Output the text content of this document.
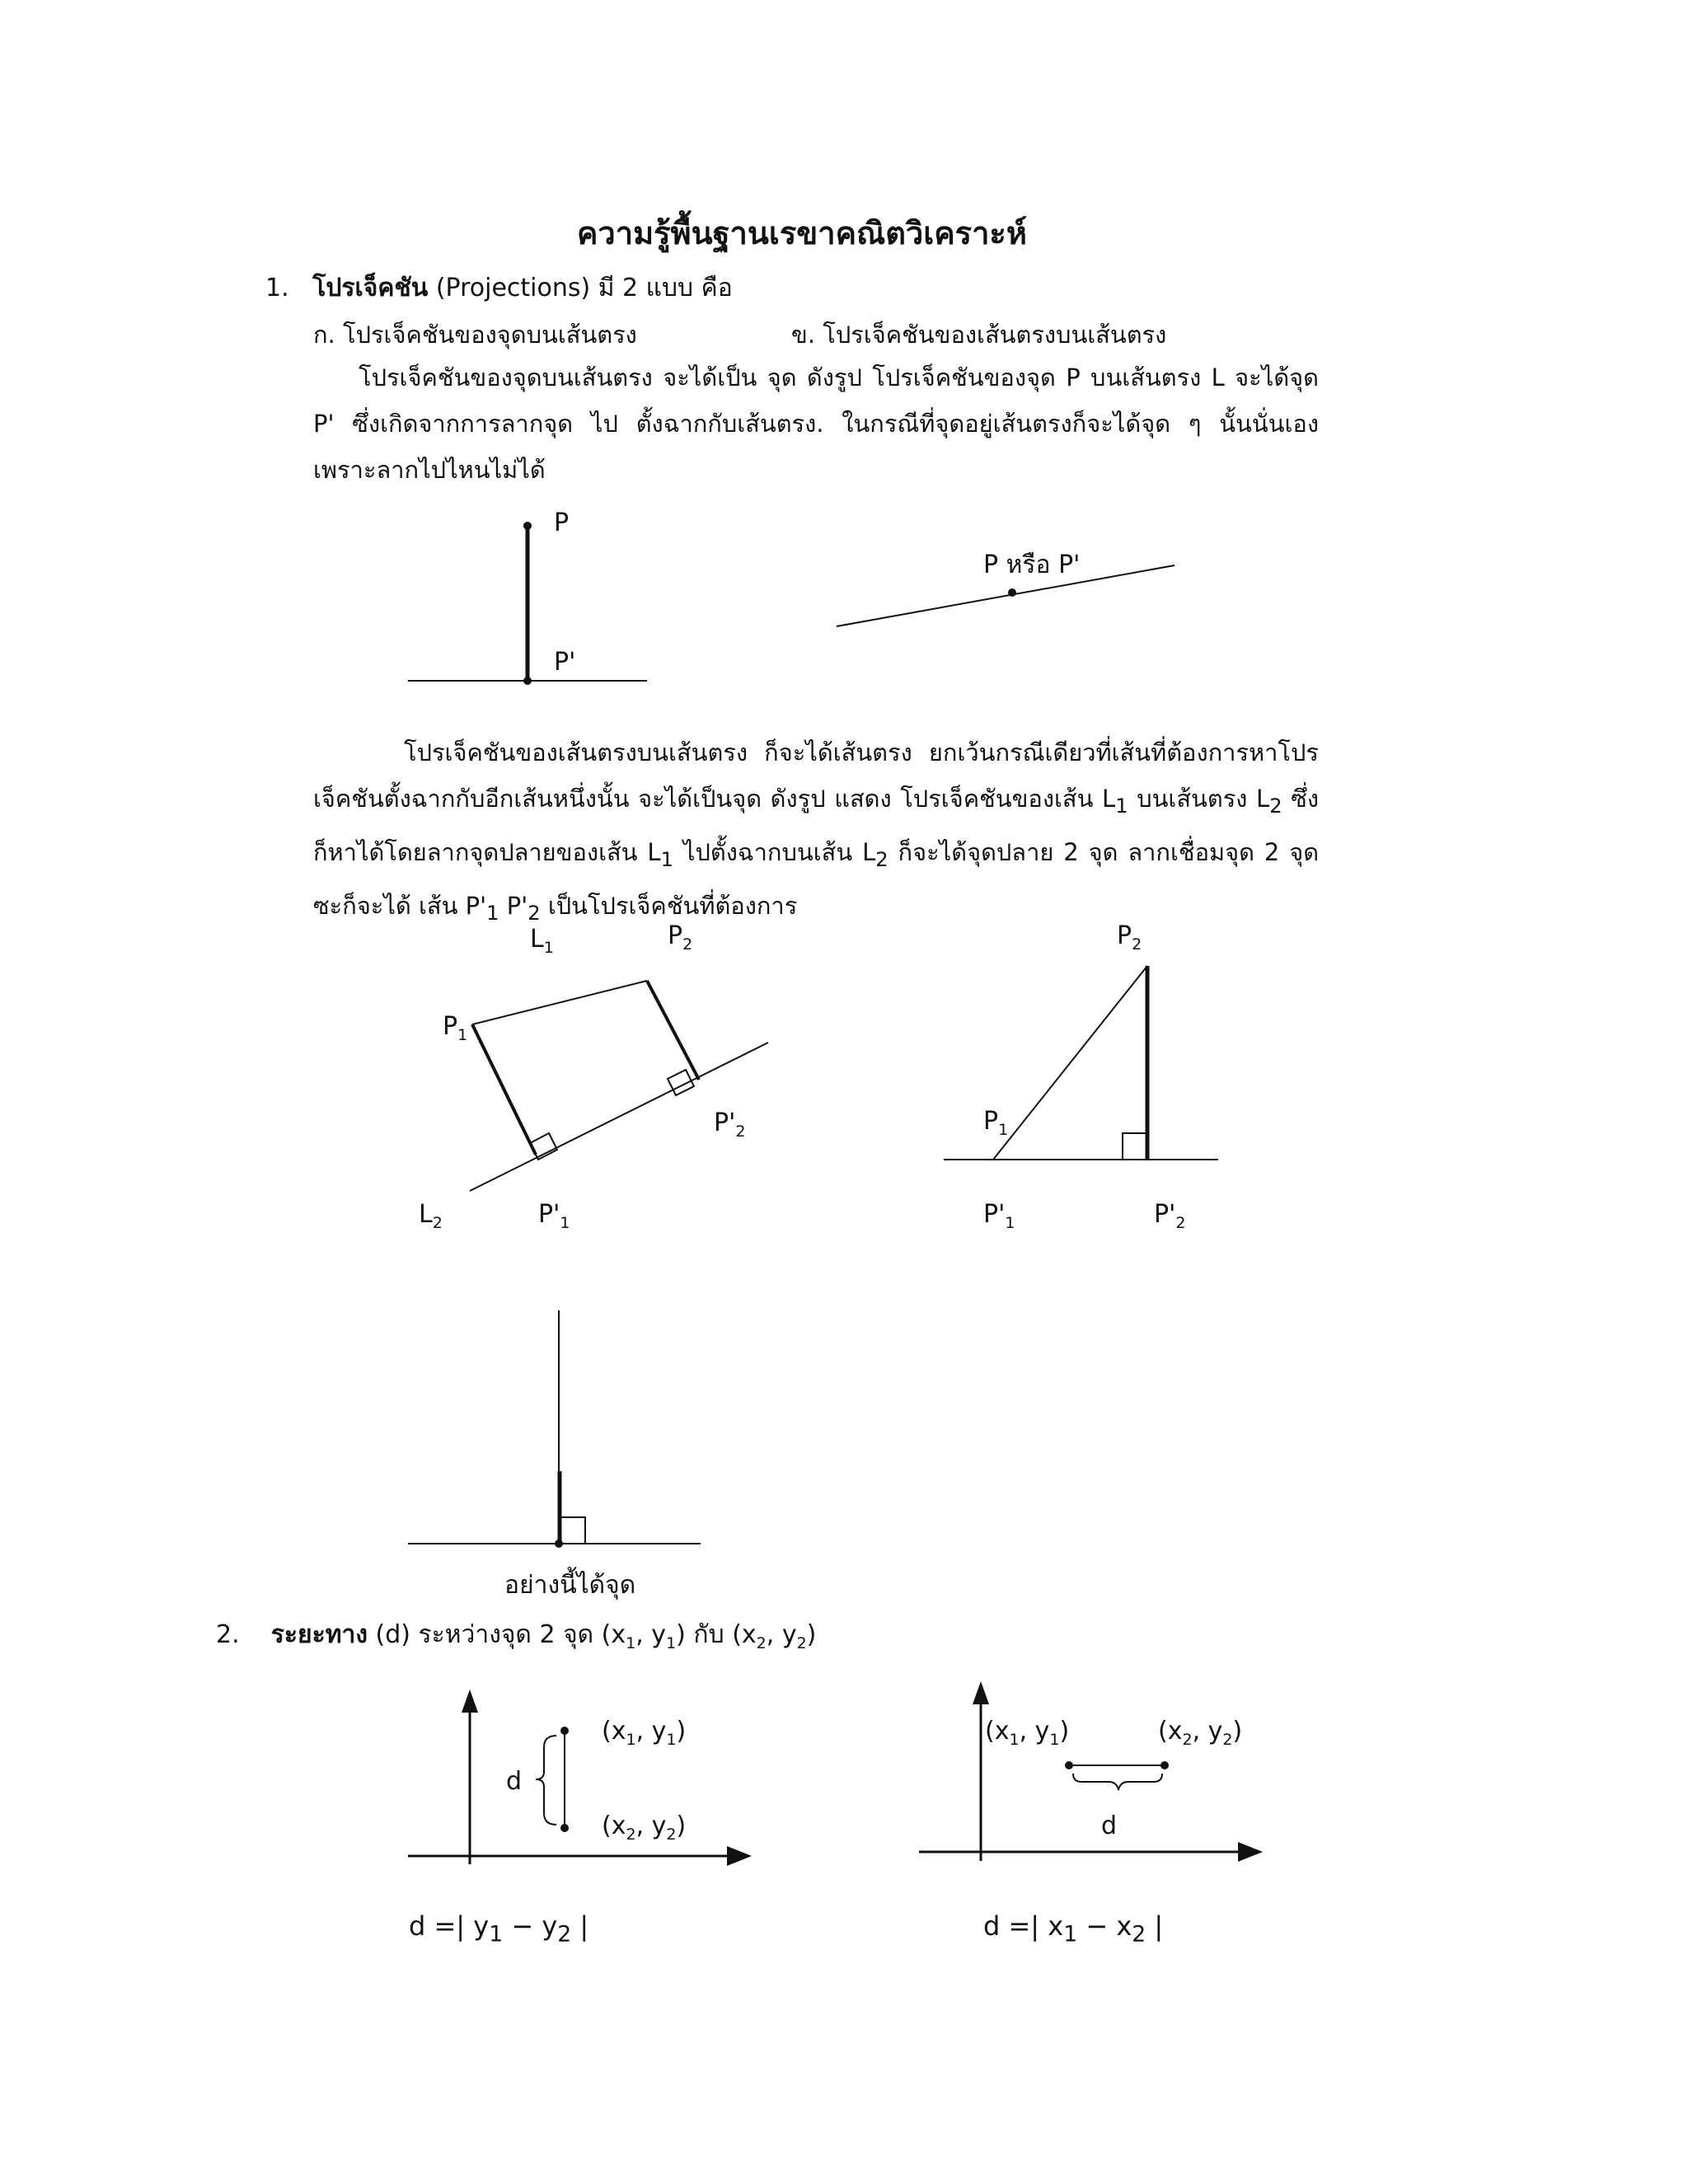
ความรู้พื้นฐานเรขาคณิตวิเคราะห์
1. โปรเจ็คชัน (Projections) มี 2 แบบ คือ
ก. โปรเจ็คชันของจุดบนเส้นตรง	ข. โปรเจ็คชันของเส้นตรงบนเส้นตรง
โปรเจ็คชันของจุดบนเส้นตรง จะได้เป็น จุด ดังรูป โปรเจ็คชันของจุด P บนเส้นตรง L จะได้จุด P' ซึ่งเกิดจากการลากจุด ไป ตั้งฉากกับเส้นตรง. ในกรณีที่จุดอยู่เส้นตรงก็จะได้จุด ๆ นั้นนั่นเอง เพราะลากไปไหนไม่ได้
P
P'
P หรือ P'
โปรเจ็คชันของเส้นตรงบนเส้นตรง ก็จะได้เส้นตรง ยกเว้นกรณีเดียวที่เส้นที่ต้องการหาโปรเจ็คชันตั้งฉากกับอีกเส้นหนึ่งนั้น จะได้เป็นจุด ดังรูป แสดง โปรเจ็คชันของเส้น $L_1$ บนเส้นตรง $L_2$ ซึ่งก็หาได้โดยลากจุดปลายของเส้น $L_1$ ไปตั้งฉากบนเส้น $L_2$ ก็จะได้จุดปลาย 2 จุด ลากเชื่อมจุด 2 จุดซะก็จะได้ เส้น $P'_1$ $P'_2$ เป็นโปรเจ็คชันที่ต้องการ
$L_1$	$P_2$
$P_1$
$P'_2$
$L_2$	$P'_1$
$P_2$
$P_1$
$P'_1$	$P'_2$
อย่างนี้ได้จุด
2. ระยะทาง (d) ระหว่างจุด 2 จุด ($x_1$, $y_1$) กับ ($x_2$, $y_2$)
($x_1$, $y_1$)
($x_2$, $y_2$)
d
($x_1$, $y_1$)	($x_2$, $y_2$)
d
d =| $y_1 - y_2$ |	d =| $x_1 - x_2$ |
